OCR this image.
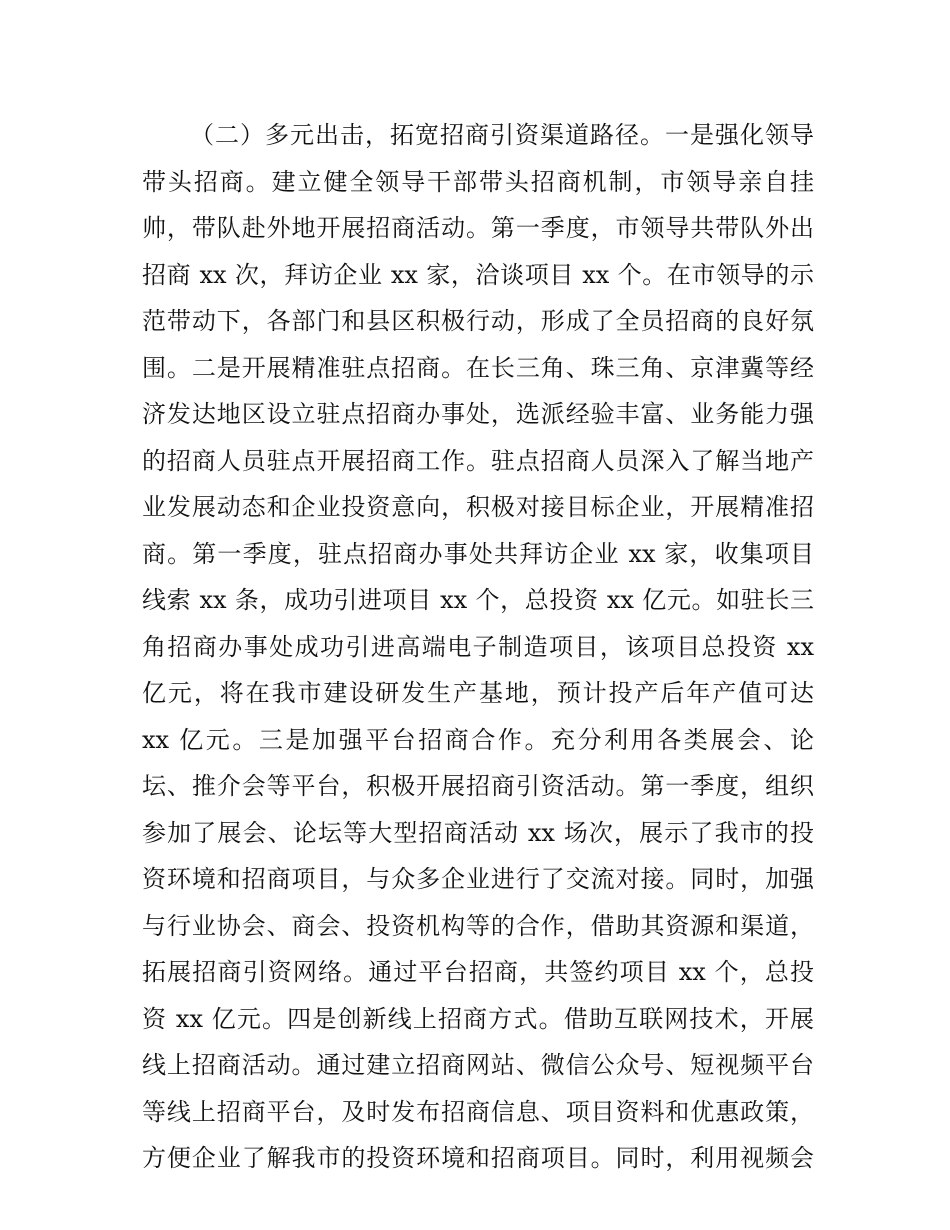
（二）多元出击，拓宽招商引资渠道路径。一是强化领导
带头招商。建立健全领导干部带头招商机制，市领导亲自挂
帅，带队赴外地开展招商活动。第一季度，市领导共带队外出
招商 xx 次，拜访企业 xx 家，洽谈项目 xx 个。在市领导的示
范带动下，各部门和县区积极行动，形成了全员招商的良好氛
围。二是开展精准驻点招商。在长三角、珠三角、京津冀等经
济发达地区设立驻点招商办事处，选派经验丰富、业务能力强
的招商人员驻点开展招商工作。驻点招商人员深入了解当地产
业发展动态和企业投资意向，积极对接目标企业，开展精准招
商。第一季度，驻点招商办事处共拜访企业 xx 家，收集项目
线索 xx 条，成功引进项目 xx 个，总投资 xx 亿元。如驻长三
角招商办事处成功引进高端电子制造项目，该项目总投资 xx
亿元，将在我市建设研发生产基地，预计投产后年产值可达
xx 亿元。三是加强平台招商合作。充分利用各类展会、论
坛、推介会等平台，积极开展招商引资活动。第一季度，组织
参加了展会、论坛等大型招商活动 xx 场次，展示了我市的投
资环境和招商项目，与众多企业进行了交流对接。同时，加强
与行业协会、商会、投资机构等的合作，借助其资源和渠道，
拓展招商引资网络。通过平台招商，共签约项目 xx 个，总投
资 xx 亿元。四是创新线上招商方式。借助互联网技术，开展
线上招商活动。通过建立招商网站、微信公众号、短视频平台
等线上招商平台，及时发布招商信息、项目资料和优惠政策，
方便企业了解我市的投资环境和招商项目。同时，利用视频会
